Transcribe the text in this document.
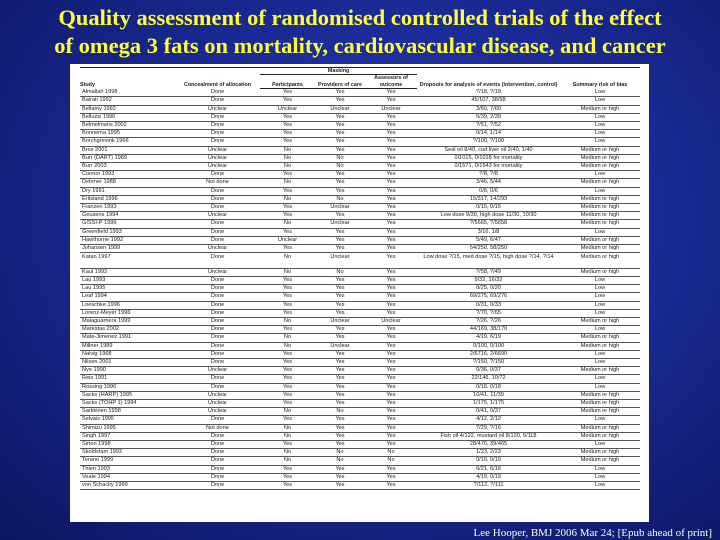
Quality assessment of randomised controlled trials of the effect
of omega 3 fats on mortality, cardiovascular disease, and cancer
Study	Concealment of allocation	Masking			Dropouts for analysis of events (intervention, control)	Summary risk of bias
		Participants	Providers of care	Assessors of outcome		
Almallah 1998	Done	Yes	Yes	Yes	?/18, ?/18	Low
Bairati 1992	Done	Yes	Yes	Yes	45/107, 38/98	Low
Bellamy 1992	Unclear	Unclear	Unclear	Unclear	3/60, 7/60	Medium or high
Belluzzi 1996	Done	Yes	Yes	Yes	5/39, 2/39	Low
Belmelmans 2002	Done	Yes	Yes	Yes	?/51, ?/52	Low
Bonnema 1995	Done	Yes	Yes	Yes	0/14, 1/14	Low
Borchgrevink 1966	Done	Yes	Yes	Yes	?/100, ?/100	Low
Brox 2001	Unclear	No	Yes	Yes	Seal oil 8/40, cod liver oil 2/40, 1/40	Medium or high
Burr (DART) 1989	Unclear	No	No	Yes	0/1015, 0/1018 for mortality	Medium or high
Burr 2003	Unclear	No	No	Yes	0/1571, 0/1543 for mortality	Medium or high
Connor 1993	Done	Yes	Yes	Yes	?/8, ?/8	Low
Dehmer 1988	Not done	No	Yes	Yes	3/46, 5/44	Medium or high
Dry 1991	Done	Yes	Yes	Yes	0/6, 0/6	Low
Eritsland 1996	Done	No	No	Yes	15/317, 14/293	Medium or high
Franzen 1993	Done	Yes	Unclear	Yes	0/15, 0/15	Medium or high
Geusens 1994	Unclear	Yes	Yes	Yes	Low dose 9/30, high dose 11/30, 10/30	Medium or high
GISSI-P 1999	Done	No	Unclear	Yes	?/5665, ?/5658	Medium or high
Greenfield 1993	Done	Yes	Yes	Yes	3/16, 1/8	Low
Hawthorne 1992	Done	Unclear	Yes	Yes	5/49, 6/47	Medium or high
Johansen 1999	Unclear	Yes	Yes	Yes	54/250, 58/250	Medium or high
Katan 1997	Done	No	Unclear	Yes	Low dose ?/15, med dose ?/15, high dose ?/14, ?/14	Medium or high
Kaul 1992	Unclear	No	No	Yes	?/58, ?/49	Medium or high
Lau 1993	Done	Yes	Yes	Yes	9/32, 16/32	Low
Lau 1995	Done	Yes	Yes	Yes	0/25, 0/20	Low
Leaf 1994	Done	Yes	Yes	Yes	69/275, 69/276	Low
Loeschke 1996	Done	Yes	Yes	Yes	0/31, 0/33	Low
Lorenz-Meyer 1996	Done	Yes	Yes	Yes	?/70, ?/65	Low
Malaguarnera 1999	Done	No	Unclear	Unclear	?/26, ?/26	Medium or high
Marestas 2002	Done	Yes	Yes	Yes	44/169, 38/170	Low
Mate-Jimenez 1991	Done	No	Yes	Yes	4/19, 6/19	Medium or high
Millner 1989	Done	No	Unclear	Yes	0/100, 0/100	Medium or high
Nalvig 1968	Done	Yes	Yes	Yes	2/6716, 2/6690	Low
Nilsen 2001	Done	Yes	Yes	Yes	?/150, ?/150	Low
Nye 1990	Unclear	Yes	Yes	Yes	0/36, 0/37	Medium or high
Reis 1991	Done	Yes	Yes	Yes	22/146, 10/72	Low
Rossing 1996	Done	Yes	Yes	Yes	0/18, 0/18	Low
Sacks (HARP) 1995	Unclear	Yes	Yes	Yes	10/41, 11/39	Medium or high
Sacks (TOHP 1) 1994	Unclear	Yes	Yes	Yes	1/175, 1/175	Medium or high
Sarkkinen 1998	Unclear	No	No	Yes	0/41, 0/37	Medium or high
Selvais 1995	Done	Yes	Yes	Yes	4/12, 2/12	Low
Shimizu 1995	Not done	No	Yes	Yes	?/29, ?/16	Medium or high
Singh 1997	Done	No	Yes	Yes	Fish oil 4/122, mustard oil 8/120, 6/118	Medium or high
Sirtori 1998	Done	Yes	Yes	Yes	28/470, 39/465	Low
Skoldstam 1992	Done	No	No	No	1/23, 2/23	Medium or high
Terano 1999	Done	No	No	No	0/10, 0/10	Medium or high
Thien 1993	Done	Yes	Yes	Yes	6/21, 6/16	Low
Veale 1994	Done	Yes	Yes	Yes	4/19, 0/19	Low
von Schacky 1999	Done	Yes	Yes	Yes	?/112, ?/111	Low
Lee Hooper, BMJ 2006 Mar 24; [Epub ahead of print]
